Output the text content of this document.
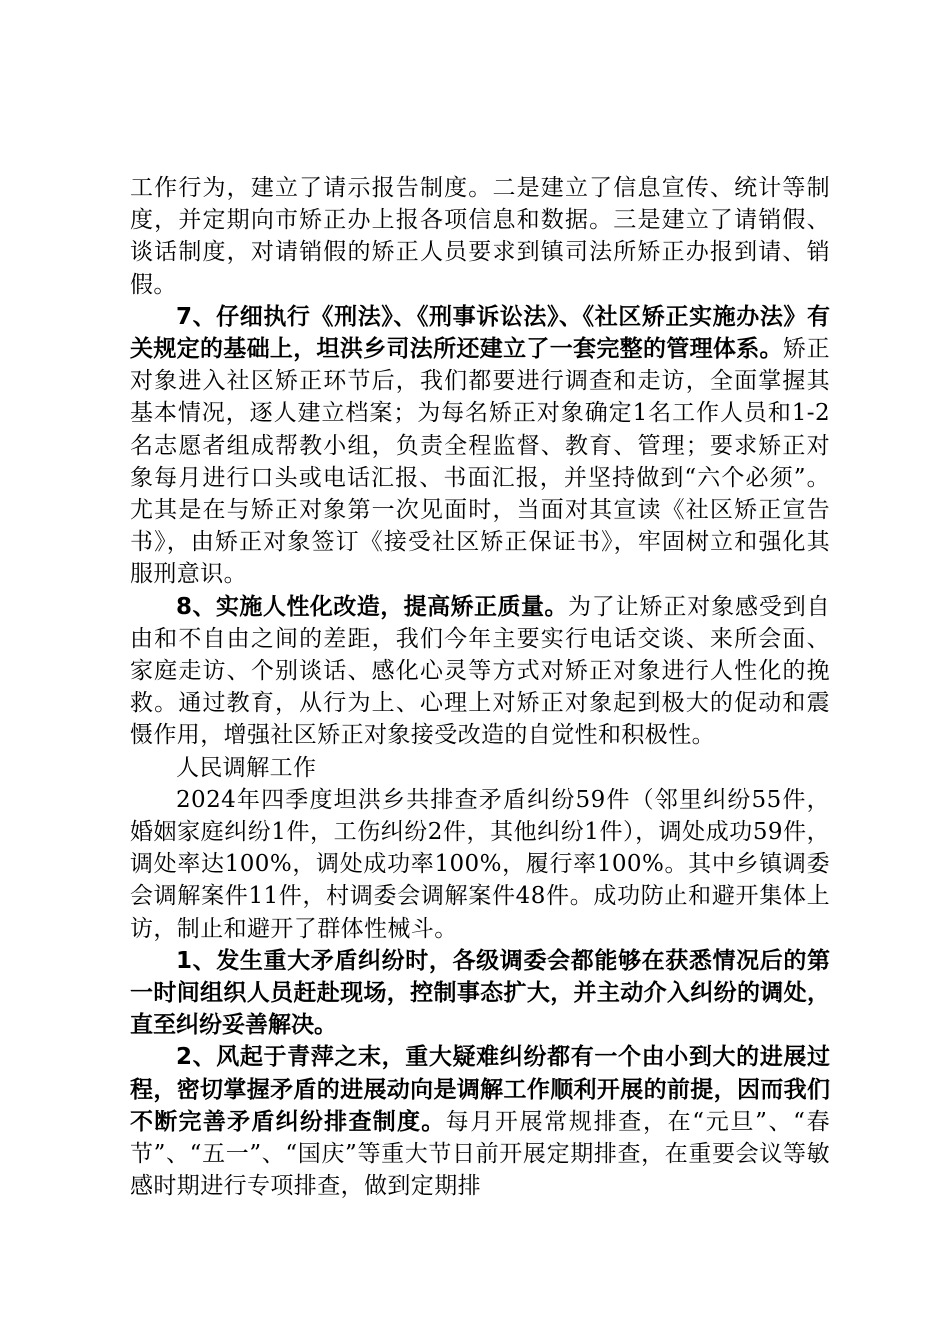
工作行为，建立了请示报告制度。二是建立了信息宣传、统计等制度，并定期向市矫正办上报各项信息和数据。三是建立了请销假、谈话制度，对请销假的矫正人员要求到镇司法所矫正办报到请、销假。

7、仔细执行《刑法》、《刑事诉讼法》、《社区矫正实施办法》有关规定的基础上，坦洪乡司法所还建立了一套完整的管理体系。矫正对象进入社区矫正环节后，我们都要进行调查和走访，全面掌握其基本情况，逐人建立档案；为每名矫正对象确定1名工作人员和1-2名志愿者组成帮教小组，负责全程监督、教育、管理；要求矫正对象每月进行口头或电话汇报、书面汇报，并坚持做到“六个必须”。尤其是在与矫正对象第一次见面时，当面对其宣读《社区矫正宣告书》，由矫正对象签订《接受社区矫正保证书》，牢固树立和强化其服刑意识。

8、实施人性化改造，提高矫正质量。为了让矫正对象感受到自由和不自由之间的差距，我们今年主要实行电话交谈、来所会面、家庭走访、个别谈话、感化心灵等方式对矫正对象进行人性化的挽救。通过教育，从行为上、心理上对矫正对象起到极大的促动和震慑作用，增强社区矫正对象接受改造的自觉性和积极性。

人民调解工作

2024年四季度坦洪乡共排查矛盾纠纷59件（邻里纠纷55件，婚姻家庭纠纷1件，工伤纠纷2件，其他纠纷1件），调处成功59件，调处率达100%，调处成功率100%，履行率100%。其中乡镇调委会调解案件11件，村调委会调解案件48件。成功防止和避开集体上访，制止和避开了群体性械斗。

1、发生重大矛盾纠纷时，各级调委会都能够在获悉情况后的第一时间组织人员赶赴现场，控制事态扩大，并主动介入纠纷的调处，直至纠纷妥善解决。

2、风起于青萍之末，重大疑难纠纷都有一个由小到大的进展过程，密切掌握矛盾的进展动向是调解工作顺利开展的前提，因而我们不断完善矛盾纠纷排查制度。每月开展常规排查，在“元旦”、“春节”、“五一”、“国庆”等重大节日前开展定期排查，在重要会议等敏感时期进行专项排查，做到定期排
